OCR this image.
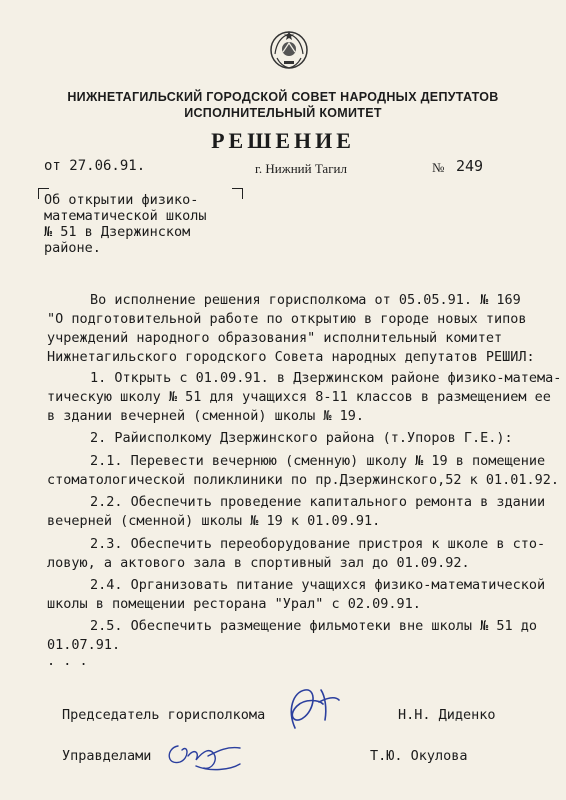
НИЖНЕТАГИЛЬСКИЙ ГОРОДСКОЙ СОВЕТ НАРОДНЫХ ДЕПУТАТОВ
ИСПОЛНИТЕЛЬНЫЙ КОМИТЕТ
РЕШЕНИЕ
от 27.06.91.	г. Нижний Тагил	№ 249
Об открытии физико-
математической школы
№ 51 в Дзержинском
районе.
Во исполнение решения горисполкома от 05.05.91. № 169
"О подготовительной работе по открытию в городе новых типов
учреждений народного образования" исполнительный комитет
Нижнетагильского городского Совета народных депутатов РЕШИЛ:
1. Открыть с 01.09.91. в Дзержинском районе физико-матема-
тическую школу № 51 для учащихся 8-11 классов в размещением ее
в здании вечерней (сменной) школы № 19.
2. Райисполкому Дзержинского района (т.Упоров Г.Е.):
2.1. Перевести вечернюю (сменную) школу № 19 в помещение
стоматологической поликлиники по пр.Дзержинского,52 к 01.01.92.
2.2. Обеспечить проведение капитального ремонта в здании
вечерней (сменной) школы № 19 к 01.09.91.
2.3. Обеспечить переоборудование пристроя к школе в сто-
ловую, а актового зала в спортивный зал до 01.09.92.
2.4. Организовать питание учащихся физико-математической
школы в помещении ресторана "Урал" с 02.09.91.
2.5. Обеспечить размещение фильмотеки вне школы № 51 до
01.07.91.
. . .
Председатель горисполкома	Н.Н. Диденко
Управделами	Т.Ю. Окулова
